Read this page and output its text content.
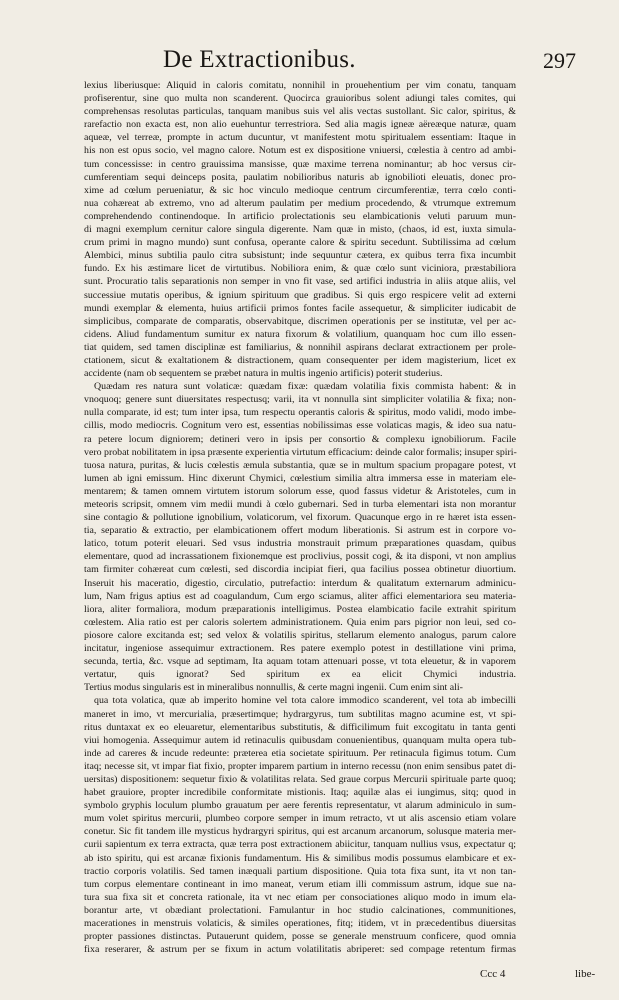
De Extractionibus.	297
lexius liberiusque: Aliquid in caloris comitatu, nonnihil in prouehentium per vim conatu, tanquam
profiserentur, sine quo multa non scanderent. Quocirca grauioribus solent adiungi tales comites, qui
comprehensas resolutas particulas, tanquam manibus suis vel alis vectas sustollant. Sic calor, spiritus, &
rarefactio non exacta est, non alio euehuntur terrestriora. Sed alia magis igneæ aëreæque naturæ, quam
aqueæ, vel terreæ, prompte in actum ducuntur, vt manifestent motu spiritualem essentiam: Itaque in
his non est opus socio, vel magno calore. Notum est ex dispositione vniuersi, cœlestia à centro ad ambi-
tum concessisse: in centro grauissima mansisse, quæ maxime terrena nominantur; ab hoc versus cir-
cumferentiam sequi deinceps posita, paulatim nobilioribus naturis ab ignobilioti eleuatis, donec pro-
xime ad cœlum perueniatur, & sic hoc vinculo medioque centrum circumferentiæ, terra cœlo conti-
nua cohæreat ab extremo, vno ad alterum paulatim per medium procedendo, & vtrumque extremum
comprehendendo continendoque. In artificio prolectationis seu elambicationis veluti paruum mun-
di magni exemplum cernitur calore singula digerente. Nam quæ in misto, (chaos, id est, iuxta simula-
crum primi in magno mundo) sunt confusa, operante calore & spiritu secedunt. Subtilissima ad cœlum
Alembici, minus subtilia paulo citra subsistunt; inde sequuntur cætera, ex quibus terra fixa incumbit
fundo. Ex his æstimare licet de virtutibus. Nobiliora enim, & quæ cœlo sunt viciniora, præstabiliora
sunt. Procuratio talis separationis non semper in vno fit vase, sed artifici industria in aliis atque aliis, vel
successiue mutatis operibus, & ignium spirituum que gradibus. Si quis ergo respicere velit ad externi
mundi exemplar & elementa, huius artificii primos fontes facile assequetur, & simpliciter iudicabit de
simplicibus, comparate de comparatis, observabitque, discrimen operationis per se institutæ, vel per ac-
cidens. Aliud fundamentum sumitur ex natura fixorum & volatilium, quanquam hoc cum illo essen-
tiat quidem, sed tamen disciplinæ est familiarius, & nonnihil aspirans declarat extractionem per prole-
ctationem, sicut & exaltationem & distractionem, quam consequenter per idem magisterium, licet ex
accidente (nam ob sequentem se præbet natura in multis ingenio artificis) poterit studerius.
Quædam res natura sunt volaticæ: quædam fixæ: quædam volatilia fixis commista habent: & in
vnoquoq; genere sunt diuersitates respectusq; varii, ita vt nonnulla sint simpliciter volatilia & fixa; non-
nulla comparate, id est; tum inter ipsa, tum respectu operantis caloris & spiritus, modo validi, modo imbe-
cillis, modo mediocris. Cognitum vero est, essentias nobilissimas esse volaticas magis, & ideo sua natu-
ra petere locum digniorem; detineri vero in ipsis per consortio & complexu ignobiliorum. Facile
vero probat nobilitatem in ipsa præsente experientia virtutum efficacium: deinde calor formalis; insuper spiri-
tuosa natura, puritas, & lucis cœlestis æmula substantia, quæ se in multum spacium propagare potest, vt
lumen ab igni emissum. Hinc dixerunt Chymici, cœlestium similia altra immersa esse in materiam ele-
mentarem; & tamen omnem virtutem istorum solorum esse, quod fassus videtur & Aristoteles, cum in
meteoris scripsit, omnem vim medii mundi à cœlo gubernari. Sed in turba elementari ista non morantur
sine contagio & pollutione ignobilium, volaticorum, vel fixorum. Quacunque ergo in re hæret ista essen-
tia, separatio & extractio, per elambicationem offert modum liberationis. Si astrum est in corpore vo-
latico, totum poterit eleuari. Sed vsus industria monstrauit primum præparationes quasdam, quibus
elementare, quod ad incrassationem fixionemque est proclivius, possit cogi, & ita disponi, vt non amplius
tam firmiter cohæreat cum cœlesti, sed discordia incipiat fieri, qua facilius possea obtinetur diuortium.
Inseruit his maceratio, digestio, circulatio, putrefactio: interdum & qualitatum externarum adminicu-
lum, Nam frigus aptius est ad coagulandum, Cum ergo sciamus, aliter affici elementariora seu materia-
liora, aliter formaliora, modum præparationis intelligimus. Postea elambicatio facile extrahit spiritum
cœlestem. Alia ratio est per caloris solertem administrationem. Quia enim pars pigrior non leui, sed co-
piosore calore excitanda est; sed velox & volatilis spiritus, stellarum elemento analogus, parum calore
incitatur, ingeniose assequimur extractionem. Res patere exemplo potest in destillatione vini prima,
secunda, tertia, &c. vsque ad septimam, Ita aquam totam attenuari posse, vt tota eleuetur, & in vaporem
vertatur, quis ignorat? Sed spiritum ex ea elicit Chymici industria.
Tertius modus singularis est in mineralibus nonnullis, & certe magni ingenii. Cum enim sint ali-
qua tota volatica, quæ ab imperito homine vel tota calore immodico scanderent, vel tota ab imbecilli
maneret in imo, vt mercurialia, præsertimque; hydrargyrus, tum subtilitas magno acumine est, vt spi-
ritus duntaxat ex eo eleuaretur, elementaribus substitutis, & difficilimum fuit excogitatu in tanta genti
viui homogenia. Assequimur autem id retinaculis quibusdam conuenientibus, quanquam multa opera tub-
inde ad careres & incude redeunte: præterea etia societate spirituum. Per retinacula figimus totum. Cum
itaq; necesse sit, vt impar fiat fixio, propter imparem partium in interno recessu (non enim sensibus patet di-
uersitas) dispositionem: sequetur fixio & volatilitas relata. Sed graue corpus Mercurii spirituale parte quoq;
habet grauiore, propter incredibile conformitate mistionis. Itaq; aquilæ alas ei iungimus, sitq; quod in
symbolo gryphis loculum plumbo grauatum per aere ferentis representatur, vt alarum adminiculo in sum-
mum volet spiritus mercurii, plumbeo corpore semper in imum retracto, vt ut alis ascensio etiam volare
conetur. Sic fit tandem ille mysticus hydrargyri spiritus, qui est arcanum arcanorum, solusque materia mer-
curii sapientum ex terra extracta, quæ terra post extractionem abiicitur, tanquam nullius vsus, expectatur q;
ab isto spiritu, qui est arcanæ fixionis fundamentum. His & similibus modis possumus elambicare et ex-
tractio corporis volatilis. Sed tamen inæquali partium dispositione. Quia tota fixa sunt, ita vt non tan-
tum corpus elementare contineant in imo maneat, verum etiam illi commissum astrum, idque sue na-
tura sua fixa sit et concreta rationale, ita vt nec etiam per consociationes aliquo modo in imum ela-
borantur arte, vt obædiant prolectationi. Famulantur in hoc studio calcinationes, communitiones,
macerationes in menstruis volaticis, & similes operationes, fitq; itidem, vt in præcedentibus diuersitas
propter passiones distinctas. Putauerunt quidem, posse se generale menstruum conficere, quod omnia
fixa reserarer, & astrum per se fixum in actum volatilitatis abriperet: sed compage retentum firmas
Ccc 4	libe-
